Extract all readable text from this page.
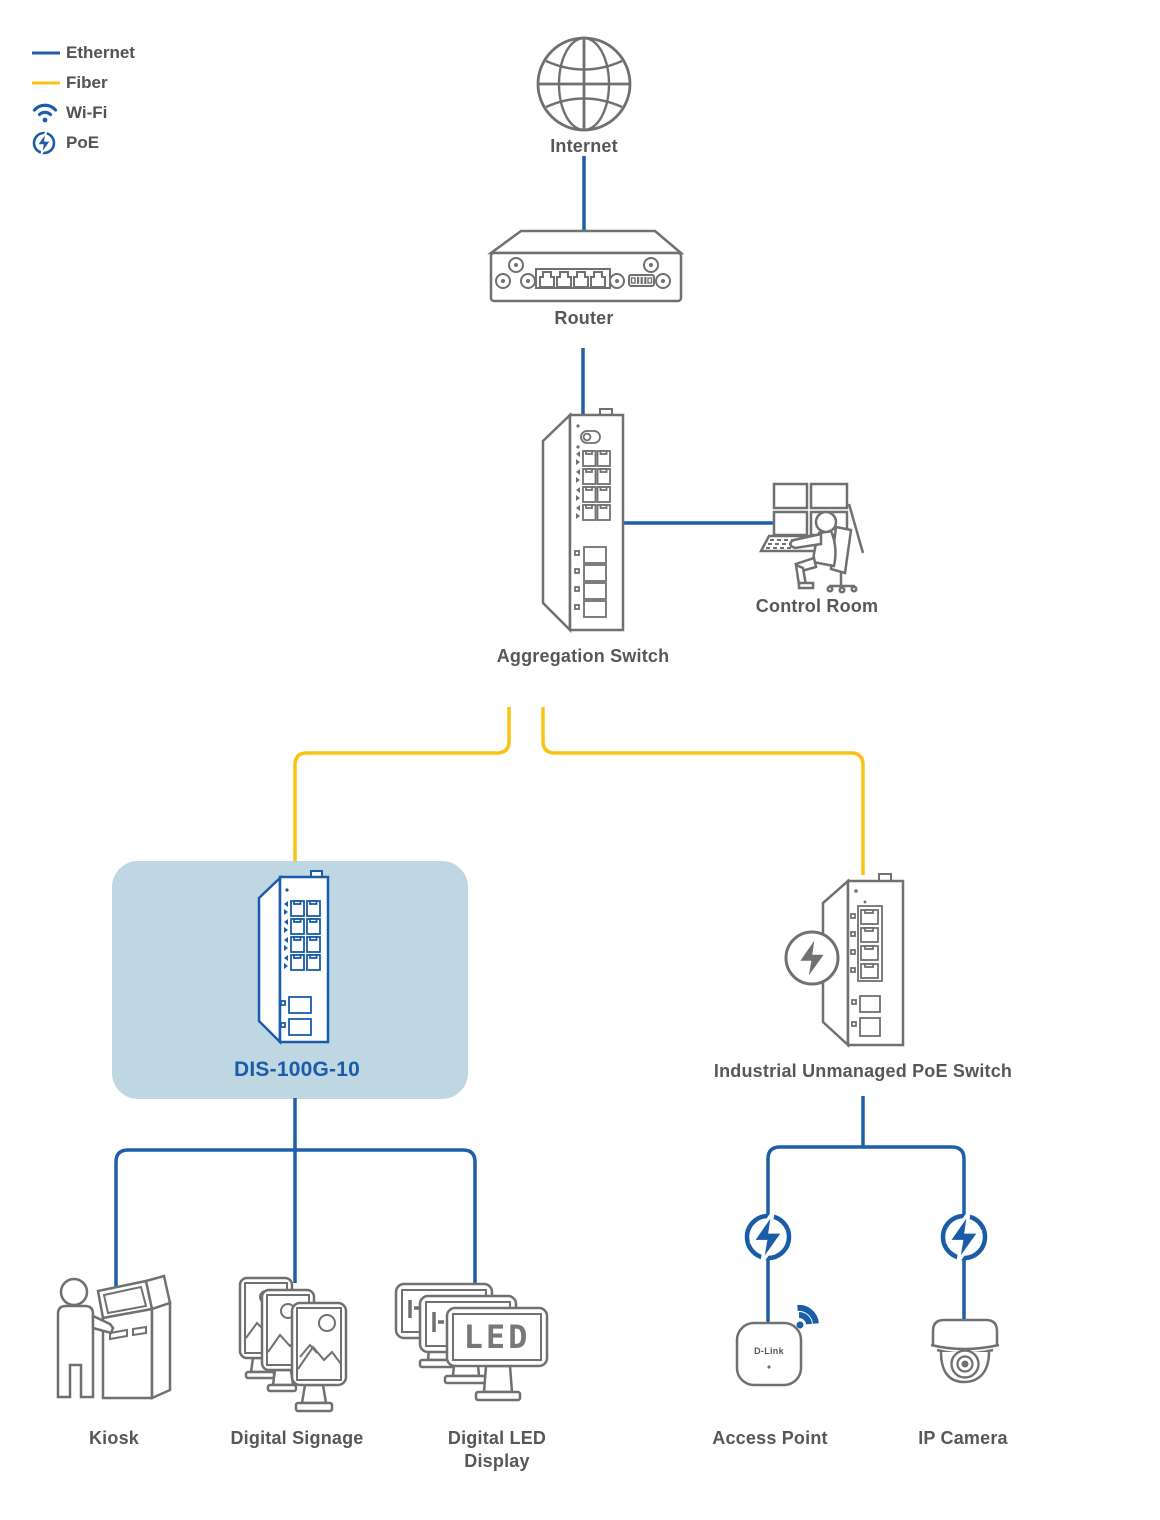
LED	D-Link
Ethernet
Fiber
Wi-Fi
PoE	Internet
Router
Aggregation Switch
Control Room
DIS-100G-10	Industrial Unmanaged PoE Switch
Kiosk	Digital Signage	Digital LED
Display
Access Point	IP Camera
